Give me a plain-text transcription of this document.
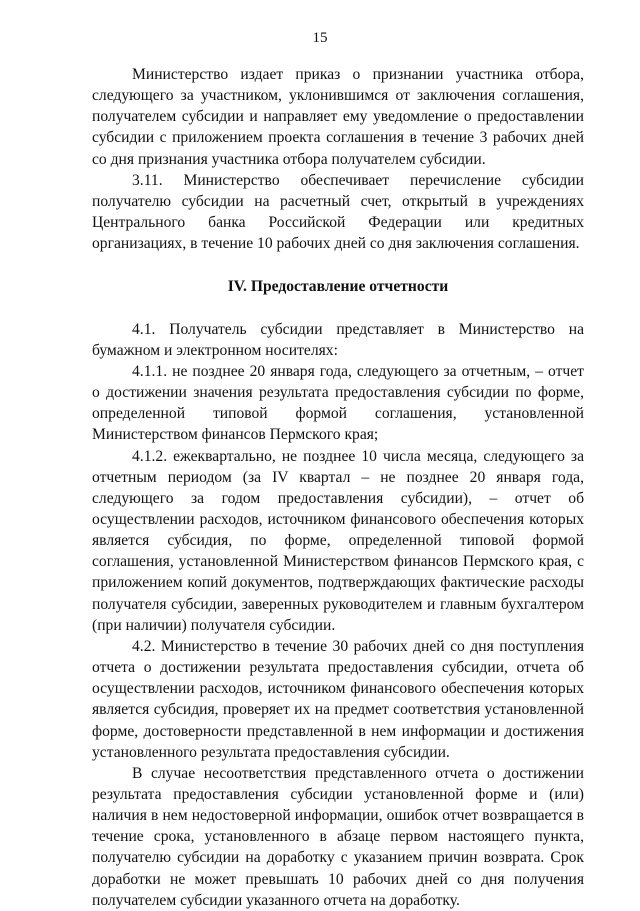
15

Министерство издает приказ о признании участника отбора, следующего за участником, уклонившимся от заключения соглашения, получателем субсидии и направляет ему уведомление о предоставлении субсидии с приложением проекта соглашения в течение 3 рабочих дней со дня признания участника отбора получателем субсидии.

3.11. Министерство обеспечивает перечисление субсидии получателю субсидии на расчетный счет, открытый в учреждениях Центрального банка Российской Федерации или кредитных организациях, в течение 10 рабочих дней со дня заключения соглашения.

IV. Предоставление отчетности

4.1. Получатель субсидии представляет в Министерство на бумажном и электронном носителях:

4.1.1. не позднее 20 января года, следующего за отчетным, – отчет о достижении значения результата предоставления субсидии по форме, определенной типовой формой соглашения, установленной Министерством финансов Пермского края;

4.1.2. ежеквартально, не позднее 10 числа месяца, следующего за отчетным периодом (за IV квартал – не позднее 20 января года, следующего за годом предоставления субсидии), – отчет об осуществлении расходов, источником финансового обеспечения которых является субсидия, по форме, определенной типовой формой соглашения, установленной Министерством финансов Пермского края, с приложением копий документов, подтверждающих фактические расходы получателя субсидии, заверенных руководителем и главным бухгалтером (при наличии) получателя субсидии.

4.2. Министерство в течение 30 рабочих дней со дня поступления отчета о достижении результата предоставления субсидии, отчета об осуществлении расходов, источником финансового обеспечения которых является субсидия, проверяет их на предмет соответствия установленной форме, достоверности представленной в нем информации и достижения установленного результата предоставления субсидии.

В случае несоответствия представленного отчета о достижении результата предоставления субсидии установленной форме и (или) наличия в нем недостоверной информации, ошибок отчет возвращается в течение срока, установленного в абзаце первом настоящего пункта, получателю субсидии на доработку с указанием причин возврата. Срок доработки не может превышать 10 рабочих дней со дня получения получателем субсидии указанного отчета на доработку.
